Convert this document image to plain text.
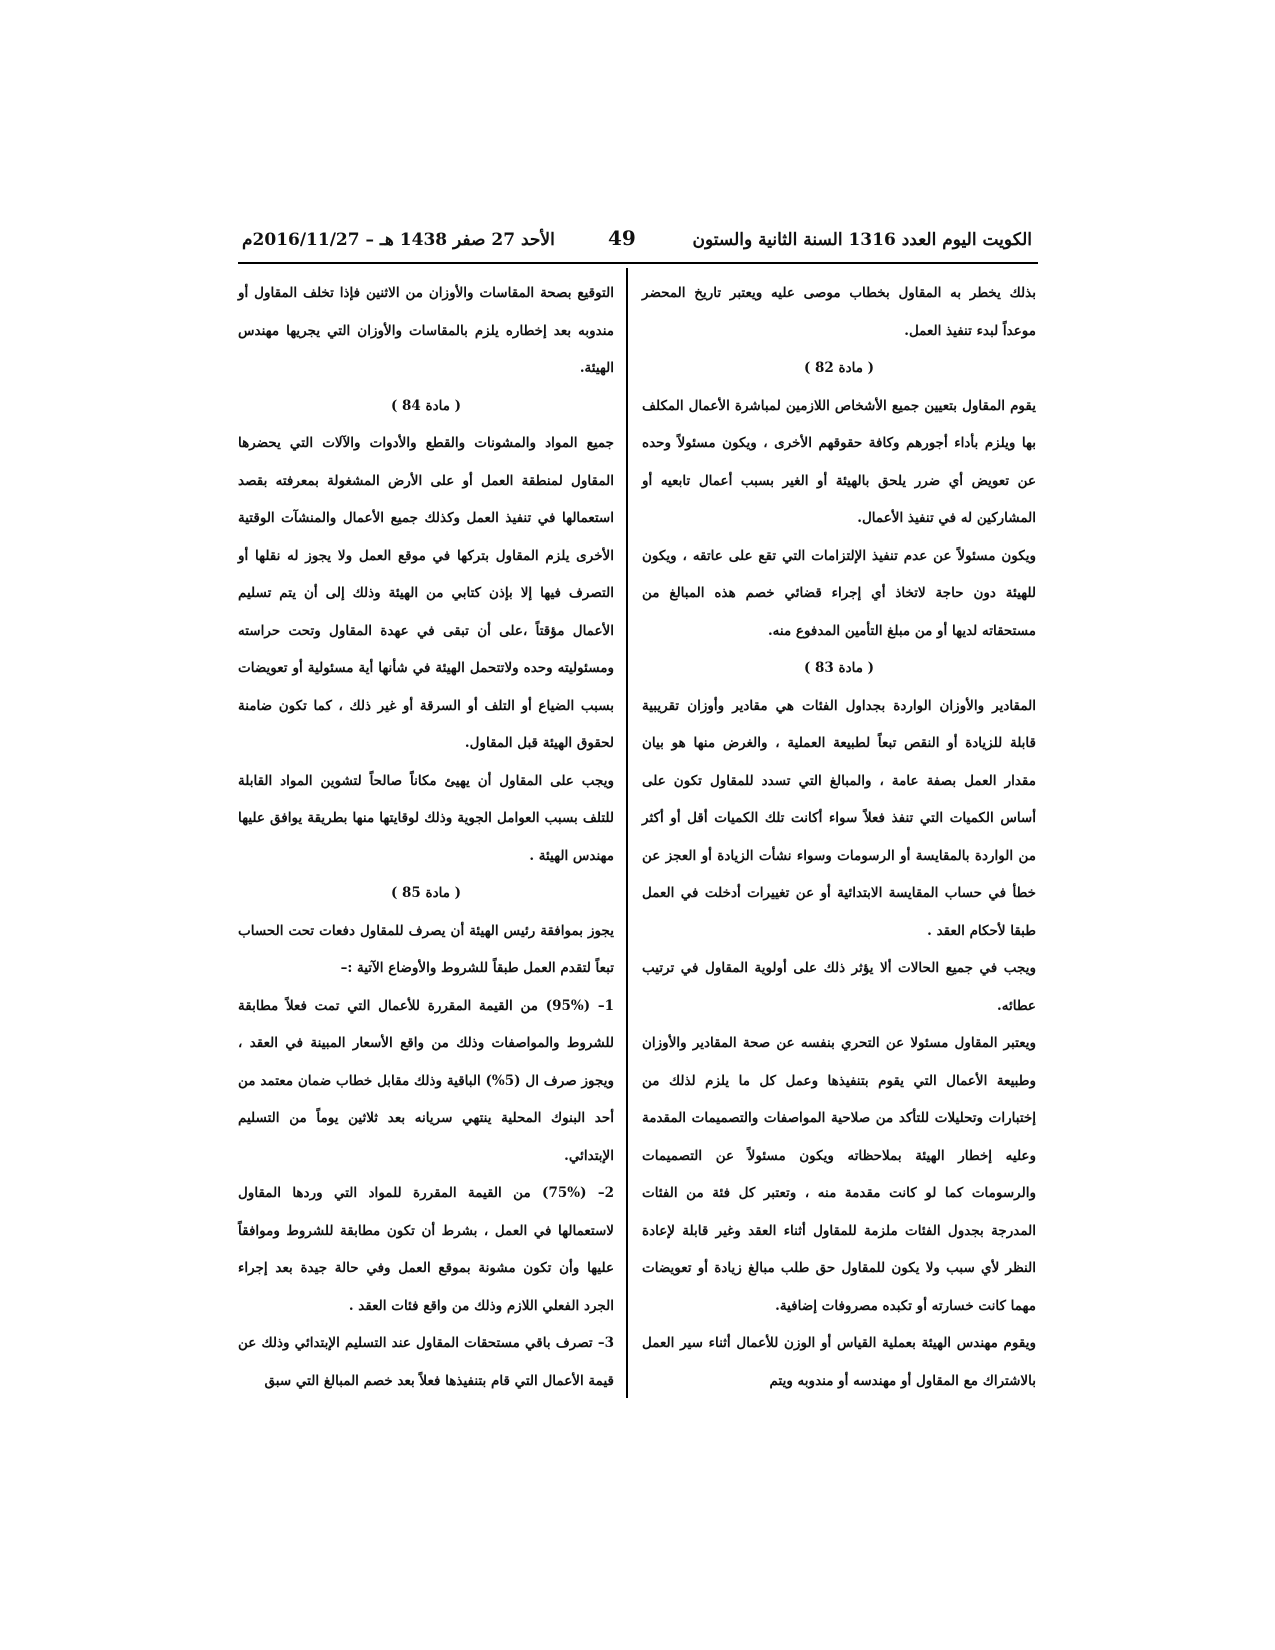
الكويت اليوم العدد 1316 السنة الثانية والستون
49
الأحد 27 صفر 1438 هـ – 2016/11/27م

بذلك يخطر به المقاول بخطاب موصى عليه ويعتبر تاريخ المحضر موعداً لبدء تنفيذ العمل.

( مادة 82 )

يقوم المقاول بتعيين جميع الأشخاص اللازمين لمباشرة الأعمال المكلف بها ويلزم بأداء أجورهم وكافة حقوقهم الأخرى ، ويكون مسئولاً وحده عن تعويض أي ضرر يلحق بالهيئة أو الغير بسبب أعمال تابعيه أو المشاركين له في تنفيذ الأعمال.

ويكون مسئولاً عن عدم تنفيذ الإلتزامات التي تقع على عاتقه ، ويكون للهيئة دون حاجة لاتخاذ أي إجراء قضائي خصم هذه المبالغ من مستحقاته لديها أو من مبلغ التأمين المدفوع منه.

( مادة 83 )

المقادير والأوزان الواردة بجداول الفئات هي مقادير وأوزان تقريبية قابلة للزيادة أو النقص تبعاً لطبيعة العملية ، والغرض منها هو بيان مقدار العمل بصفة عامة ، والمبالغ التي تسدد للمقاول تكون على أساس الكميات التي تنفذ فعلاً سواء أكانت تلك الكميات أقل أو أكثر من الواردة بالمقايسة أو الرسومات وسواء نشأت الزيادة أو العجز عن خطأ في حساب المقايسة الابتدائية أو عن تغييرات أدخلت في العمل طبقا لأحكام العقد .

ويجب في جميع الحالات ألا يؤثر ذلك على أولوية المقاول في ترتيب عطائه.

ويعتبر المقاول مسئولا عن التحري بنفسه عن صحة المقادير والأوزان وطبيعة الأعمال التي يقوم بتنفيذها وعمل كل ما يلزم لذلك من إختبارات وتحليلات للتأكد من صلاحية المواصفات والتصميمات المقدمة وعليه إخطار الهيئة بملاحظاته ويكون مسئولاً عن التصميمات والرسومات كما لو كانت مقدمة منه ، وتعتبر كل فئة من الفئات المدرجة بجدول الفئات ملزمة للمقاول أثناء العقد وغير قابلة لإعادة النظر لأي سبب ولا يكون للمقاول حق طلب مبالغ زيادة أو تعويضات مهما كانت خسارته أو تكبده مصروفات إضافية.

ويقوم مهندس الهيئة بعملية القياس أو الوزن للأعمال أثناء سير العمل بالاشتراك مع المقاول أو مهندسه أو مندوبه ويتم

التوقيع بصحة المقاسات والأوزان من الاثنين فإذا تخلف المقاول أو مندوبه بعد إخطاره يلزم بالمقاسات والأوزان التي يجريها مهندس الهيئة.

( مادة 84 )

جميع المواد والمشونات والقطع والأدوات والآلات التي يحضرها المقاول لمنطقة العمل أو على الأرض المشغولة بمعرفته بقصد استعمالها في تنفيذ العمل وكذلك جميع الأعمال والمنشآت الوقتية الأخرى يلزم المقاول بتركها في موقع العمل ولا يجوز له نقلها أو التصرف فيها إلا بإذن كتابي من الهيئة وذلك إلى أن يتم تسليم الأعمال مؤقتاً ،على أن تبقى في عهدة المقاول وتحت حراسته ومسئوليته وحده ولاتتحمل الهيئة في شأنها أية مسئولية أو تعويضات بسبب الضياع أو التلف أو السرقة أو غير ذلك ، كما تكون ضامنة لحقوق الهيئة قبل المقاول.

ويجب على المقاول أن يهيئ مكاناً صالحاً لتشوين المواد القابلة للتلف بسبب العوامل الجوية وذلك لوقايتها منها بطريقة يوافق عليها مهندس الهيئة .

( مادة 85 )

يجوز بموافقة رئيس الهيئة أن يصرف للمقاول دفعات تحت الحساب تبعاً لتقدم العمل طبقاً للشروط والأوضاع الآتية :–

1– (95%) من القيمة المقررة للأعمال التي تمت فعلاً مطابقة للشروط والمواصفات وذلك من واقع الأسعار المبينة في العقد ، ويجوز صرف ال (5%) الباقية وذلك مقابل خطاب ضمان معتمد من أحد البنوك المحلية ينتهي سريانه بعد ثلاثين يوماً من التسليم الإبتدائي.

2– (75%) من القيمة المقررة للمواد التي وردها المقاول لاستعمالها في العمل ، بشرط أن تكون مطابقة للشروط وموافقاً عليها وأن تكون مشونة بموقع العمل وفي حالة جيدة بعد إجراء الجرد الفعلي اللازم وذلك من واقع فئات العقد .

3– تصرف باقي مستحقات المقاول عند التسليم الإبتدائي وذلك عن قيمة الأعمال التي قام بتنفيذها فعلاً بعد خصم المبالغ التي سبق
